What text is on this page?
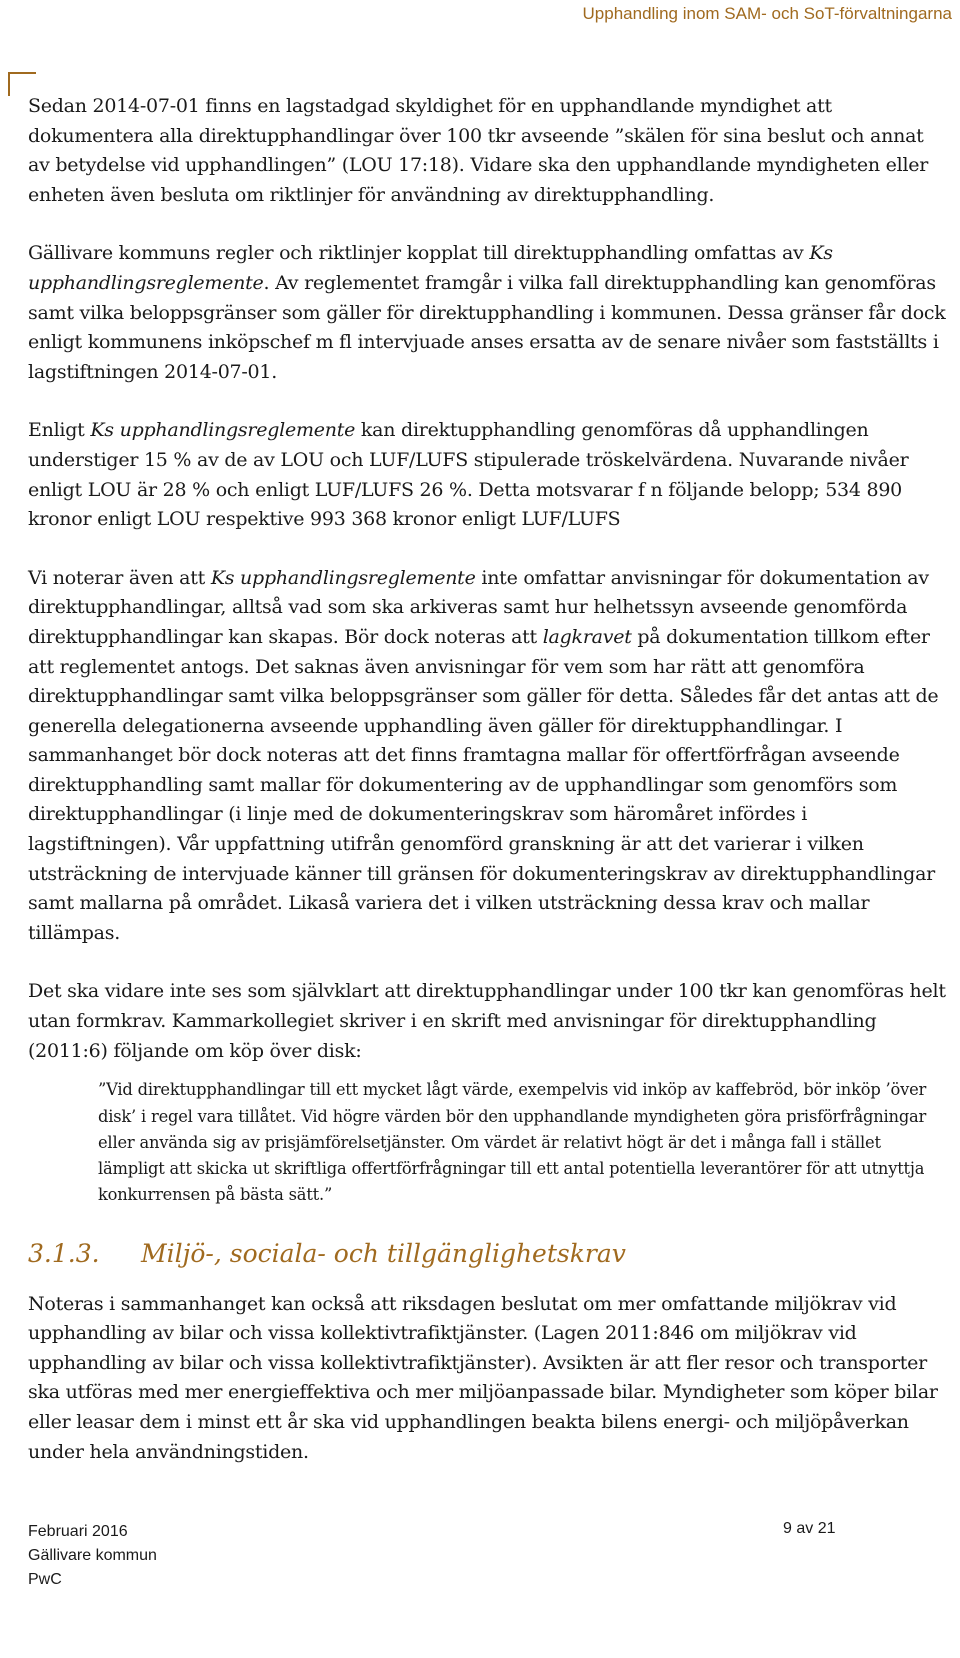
Upphandling inom SAM- och SoT-förvaltningarna

Sedan 2014-07-01 finns en lagstadgad skyldighet för en upphandlande myndighet att dokumentera alla direktupphandlingar över 100 tkr avseende ”skälen för sina beslut och annat av betydelse vid upphandlingen” (LOU 17:18). Vidare ska den upphandlande myndigheten eller enheten även besluta om riktlinjer för användning av direktupphandling.

Gällivare kommuns regler och riktlinjer kopplat till direktupphandling omfattas av Ks upphandlingsreglemente. Av reglementet framgår i vilka fall direktupphandling kan genomföras samt vilka beloppsgränser som gäller för direktupphandling i kommunen. Dessa gränser får dock enligt kommunens inköpschef m fl intervjuade anses ersatta av de senare nivåer som fastställts i lagstiftningen 2014-07-01.

Enligt Ks upphandlingsreglemente kan direktupphandling genomföras då upphandlingen understiger 15 % av de av LOU och LUF/LUFS stipulerade tröskelvärdena. Nuvarande nivåer enligt LOU är 28 % och enligt LUF/LUFS 26 %. Detta motsvarar f n följande belopp; 534 890 kronor enligt LOU respektive 993 368 kronor enligt LUF/LUFS

Vi noterar även att Ks upphandlingsreglemente inte omfattar anvisningar för dokumentation av direktupphandlingar, alltså vad som ska arkiveras samt hur helhetssyn avseende genomförda direktupphandlingar kan skapas. Bör dock noteras att lagkravet på dokumentation tillkom efter att reglementet antogs. Det saknas även anvisningar för vem som har rätt att genomföra direktupphandlingar samt vilka beloppsgränser som gäller för detta. Således får det antas att de generella delegationerna avseende upphandling även gäller för direktupphandlingar. I sammanhanget bör dock noteras att det finns framtagna mallar för offertförfrågan avseende direktupphandling samt mallar för dokumentering av de upphandlingar som genomförs som direktupphandlingar (i linje med de dokumenteringskrav som häromåret infördes i lagstiftningen). Vår uppfattning utifrån genomförd granskning är att det varierar i vilken utsträckning de intervjuade känner till gränsen för dokumenteringskrav av direktupphandlingar samt mallarna på området. Likaså variera det i vilken utsträckning dessa krav och mallar tillämpas.

Det ska vidare inte ses som självklart att direktupphandlingar under 100 tkr kan genomföras helt utan formkrav. Kammarkollegiet skriver i en skrift med anvisningar för direktupphandling (2011:6) följande om köp över disk:

”Vid direktupphandlingar till ett mycket lågt värde, exempelvis vid inköp av kaffebröd, bör inköp ’över disk’ i regel vara tillåtet. Vid högre värden bör den upphandlande myndigheten göra prisförfrågningar eller använda sig av prisjämförelsetjänster. Om värdet är relativt högt är det i många fall i stället lämpligt att skicka ut skriftliga offertförfrågningar till ett antal potentiella leverantörer för att utnyttja konkurrensen på bästa sätt.”

3.1.3. Miljö-, sociala- och tillgänglighetskrav

Noteras i sammanhanget kan också att riksdagen beslutat om mer omfattande miljökrav vid upphandling av bilar och vissa kollektivtrafiktjänster. (Lagen 2011:846 om miljökrav vid upphandling av bilar och vissa kollektivtrafiktjänster). Avsikten är att fler resor och transporter ska utföras med mer energieffektiva och mer miljöanpassade bilar. Myndigheter som köper bilar eller leasar dem i minst ett år ska vid upphandlingen beakta bilens energi- och miljöpåverkan under hela användningstiden.

Februari 2016
Gällivare kommun
PwC
9 av 21
